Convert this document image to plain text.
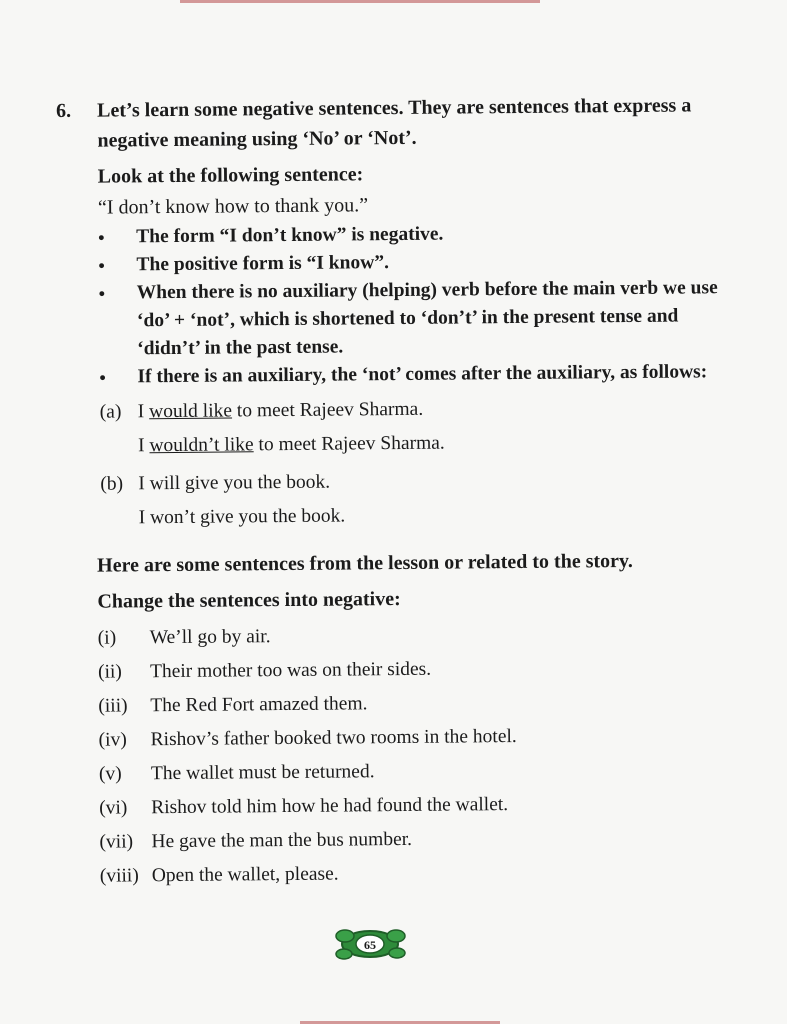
6.	Let’s learn some negative sentences. They are sentences that express a negative meaning using ‘No’ or ‘Not’.
Look at the following sentence:
“I don’t know how to thank you.”
•	The form “I don’t know” is negative.
•	The positive form is “I know”.
•	When there is no auxiliary (helping) verb before the main verb we use ‘do’ + ‘not’, which is shortened to ‘don’t’ in the present tense and ‘didn’t’ in the past tense.
•	If there is an auxiliary, the ‘not’ comes after the auxiliary, as follows:
(a) I would like to meet Rajeev Sharma.
I wouldn’t like to meet Rajeev Sharma.
(b) I will give you the book.
I won’t give you the book.
Here are some sentences from the lesson or related to the story.
Change the sentences into negative:
(i)	We’ll go by air.
(ii)	Their mother too was on their sides.
(iii)	The Red Fort amazed them.
(iv)	Rishov’s father booked two rooms in the hotel.
(v)	The wallet must be returned.
(vi)	Rishov told him how he had found the wallet.
(vii) He gave the man the bus number.
(viii) Open the wallet, please.
65
